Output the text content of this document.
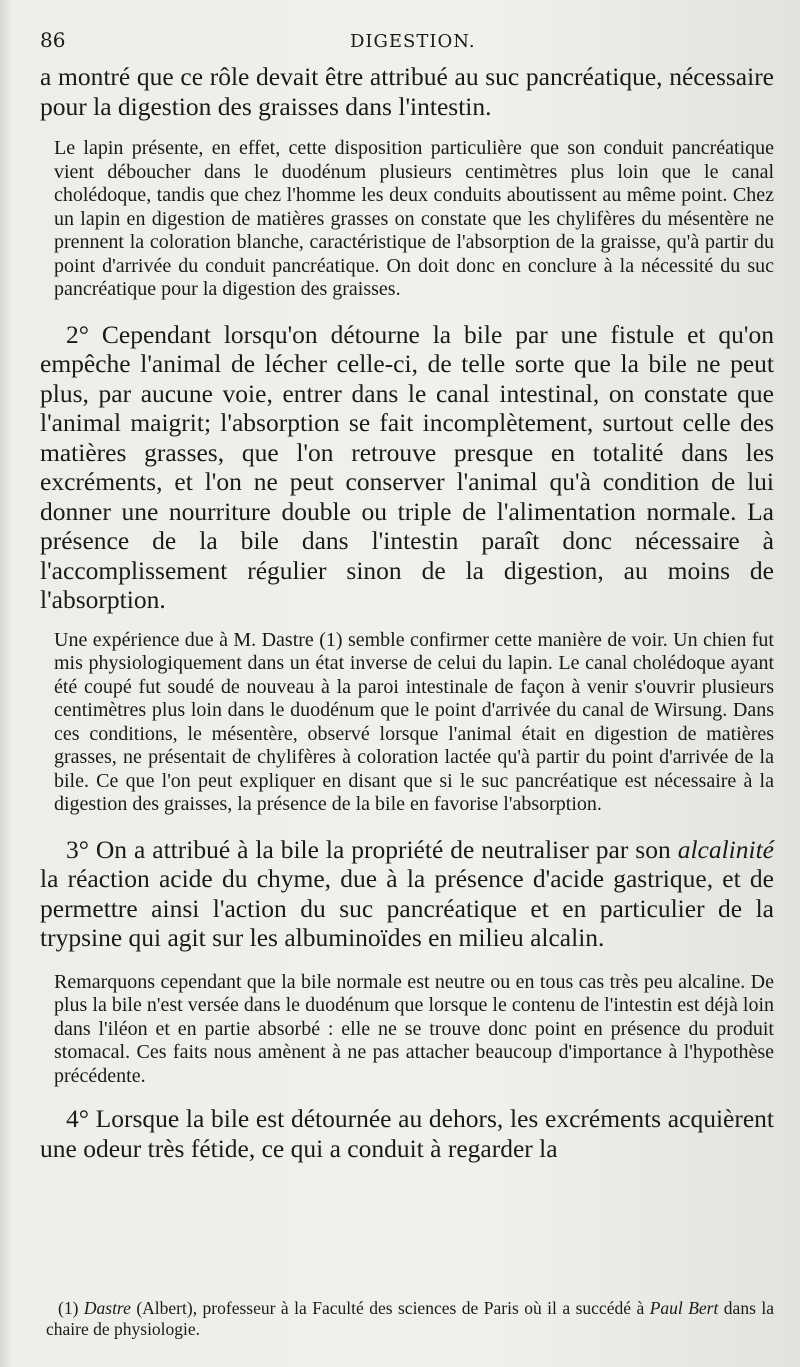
86	DIGESTION.

a montré que ce rôle devait être attribué au suc pancréatique, nécessaire pour la digestion des graisses dans l'intestin.

Le lapin présente, en effet, cette disposition particulière que son conduit pancréatique vient déboucher dans le duodénum plusieurs centimètres plus loin que le canal cholédoque, tandis que chez l'homme les deux conduits aboutissent au même point. Chez un lapin en digestion de matières grasses on constate que les chylifères du mésentère ne prennent la coloration blanche, caractéristique de l'absorption de la graisse, qu'à partir du point d'arrivée du conduit pancréatique. On doit donc en conclure à la nécessité du suc pancréatique pour la digestion des graisses.

2° Cependant lorsqu'on détourne la bile par une fistule et qu'on empêche l'animal de lécher celle-ci, de telle sorte que la bile ne peut plus, par aucune voie, entrer dans le canal intestinal, on constate que l'animal maigrit; l'absorption se fait incomplètement, surtout celle des matières grasses, que l'on retrouve presque en totalité dans les excréments, et l'on ne peut conserver l'animal qu'à condition de lui donner une nourriture double ou triple de l'alimentation normale. La présence de la bile dans l'intestin paraît donc nécessaire à l'accomplissement régulier sinon de la digestion, au moins de l'absorption.

Une expérience due à M. Dastre (1) semble confirmer cette manière de voir. Un chien fut mis physiologiquement dans un état inverse de celui du lapin. Le canal cholédoque ayant été coupé fut soudé de nouveau à la paroi intestinale de façon à venir s'ouvrir plusieurs centimètres plus loin dans le duodénum que le point d'arrivée du canal de Wirsung. Dans ces conditions, le mésentère, observé lorsque l'animal était en digestion de matières grasses, ne présentait de chylifères à coloration lactée qu'à partir du point d'arrivée de la bile. Ce que l'on peut expliquer en disant que si le suc pancréatique est nécessaire à la digestion des graisses, la présence de la bile en favorise l'absorption.

3° On a attribué à la bile la propriété de neutraliser par son alcalinité la réaction acide du chyme, due à la présence d'acide gastrique, et de permettre ainsi l'action du suc pancréatique et en particulier de la trypsine qui agit sur les albuminoïdes en milieu alcalin.

Remarquons cependant que la bile normale est neutre ou en tous cas très peu alcaline. De plus la bile n'est versée dans le duodénum que lorsque le contenu de l'intestin est déjà loin dans l'iléon et en partie absorbé : elle ne se trouve donc point en présence du produit stomacal. Ces faits nous amènent à ne pas attacher beaucoup d'importance à l'hypothèse précédente.

4° Lorsque la bile est détournée au dehors, les excréments acquièrent une odeur très fétide, ce qui a conduit à regarder la

(1) Dastre (Albert), professeur à la Faculté des sciences de Paris où il a succédé à Paul Bert dans la chaire de physiologie.
